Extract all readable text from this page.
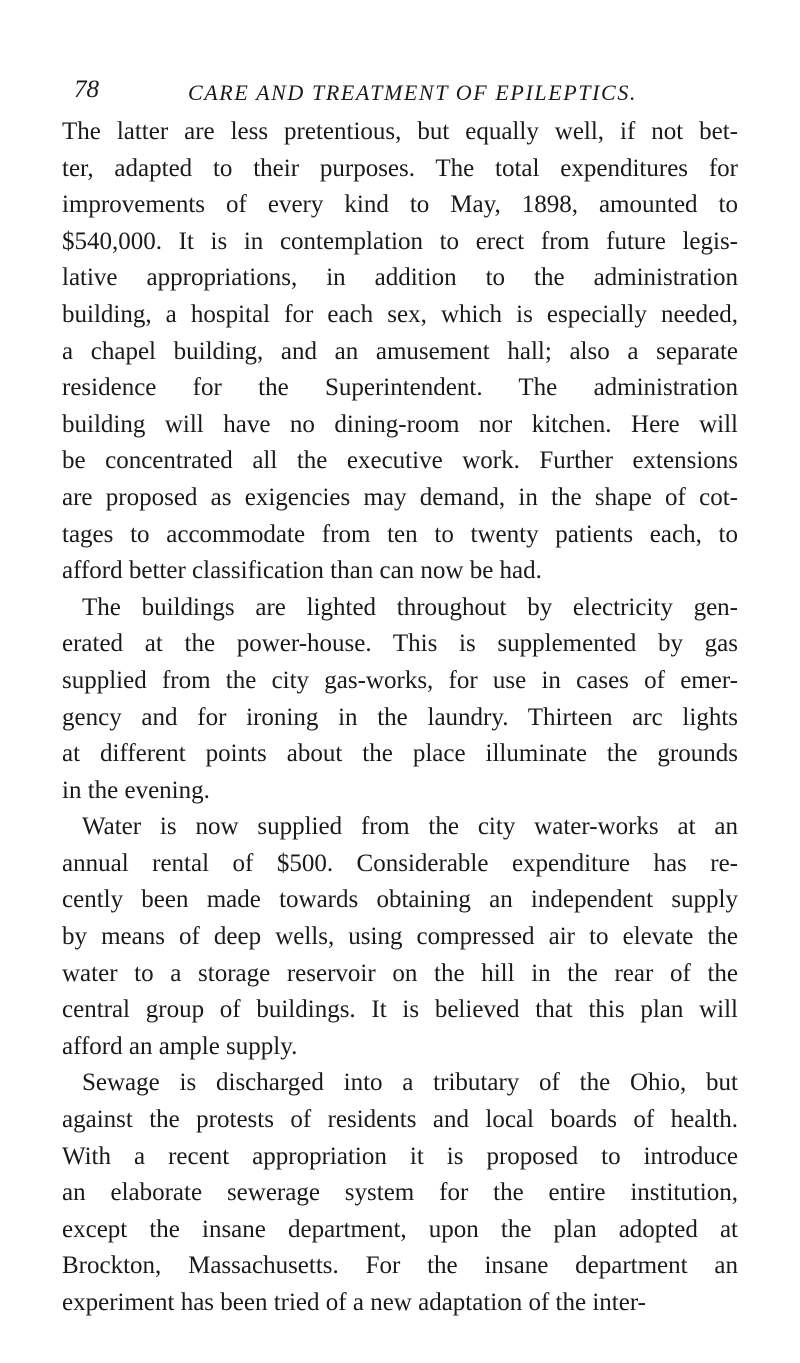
78	CARE AND TREATMENT OF EPILEPTICS.
The latter are less pretentious, but equally well, if not bet-
ter, adapted to their purposes. The total expenditures for
improvements of every kind to May, 1898, amounted to
$540,000. It is in contemplation to erect from future legis-
lative appropriations, in addition to the administration
building, a hospital for each sex, which is especially needed,
a chapel building, and an amusement hall; also a separate
residence for the Superintendent. The administration
building will have no dining-room nor kitchen. Here will
be concentrated all the executive work. Further extensions
are proposed as exigencies may demand, in the shape of cot-
tages to accommodate from ten to twenty patients each, to
afford better classification than can now be had.
The buildings are lighted throughout by electricity gen-
erated at the power-house. This is supplemented by gas
supplied from the city gas-works, for use in cases of emer-
gency and for ironing in the laundry. Thirteen arc lights
at different points about the place illuminate the grounds
in the evening.
Water is now supplied from the city water-works at an
annual rental of $500. Considerable expenditure has re-
cently been made towards obtaining an independent supply
by means of deep wells, using compressed air to elevate the
water to a storage reservoir on the hill in the rear of the
central group of buildings. It is believed that this plan will
afford an ample supply.
Sewage is discharged into a tributary of the Ohio, but
against the protests of residents and local boards of health.
With a recent appropriation it is proposed to introduce
an elaborate sewerage system for the entire institution,
except the insane department, upon the plan adopted at
Brockton, Massachusetts. For the insane department an
experiment has been tried of a new adaptation of the inter-
